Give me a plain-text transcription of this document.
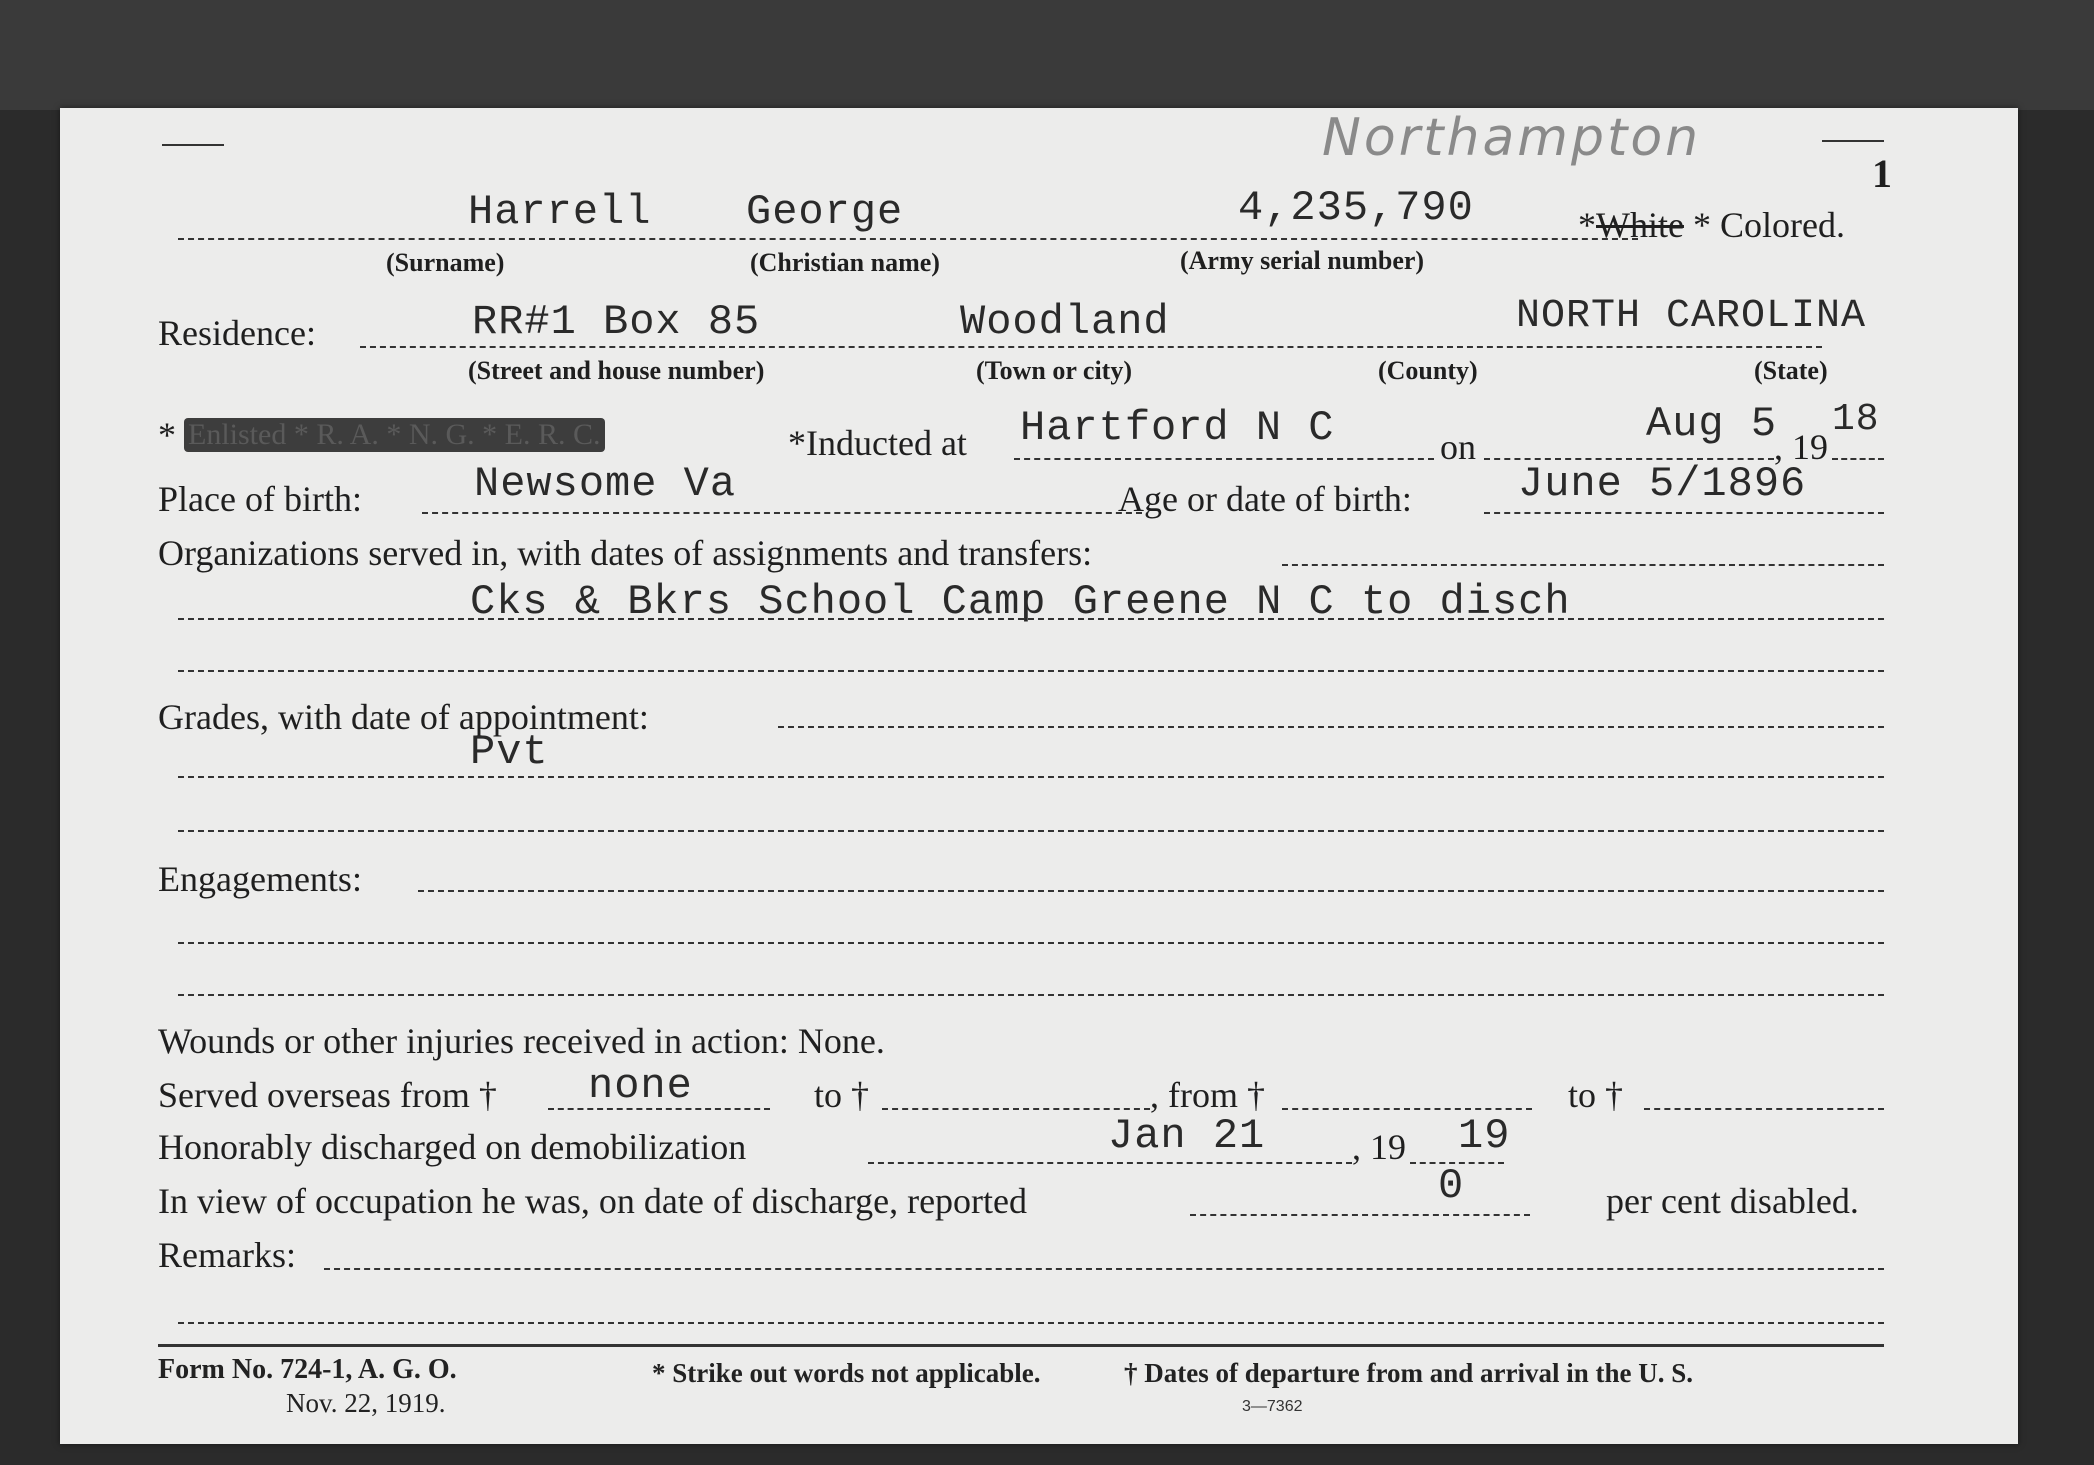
1
Northampton
Harrell George	4,235,790	*White * Colored.
(Surname)	(Christian name)	(Army serial number)
Residence:	RR#1 Box 85	Woodland	NORTH CAROLINA
(Street and house number)	(Town or city)	(County)	(State)
* Enlisted * R. A. * N. G. * E. R. C.	*Inducted at Hartford N C	on	Aug 5
, 19
18
Place of birth:	Newsome Va	Age or date of birth:	June 5/1896
Organizations served in, with dates of assignments and transfers:
Cks & Bkrs School Camp Greene N C to disch
Grades, with date of appointment:
Pvt
Engagements:
Wounds or other injuries received in action: None.
Served overseas from † none	to †	, from †	to †
Honorably discharged on demobilization	Jan 21 , 19 19
In view of occupation he was, on date of discharge, reported	0	per cent disabled.
Remarks:
Form No. 724-1, A. G. O.
Nov. 22, 1919.
* Strike out words not applicable.	† Dates of departure from and arrival in the U. S.
3—7362
